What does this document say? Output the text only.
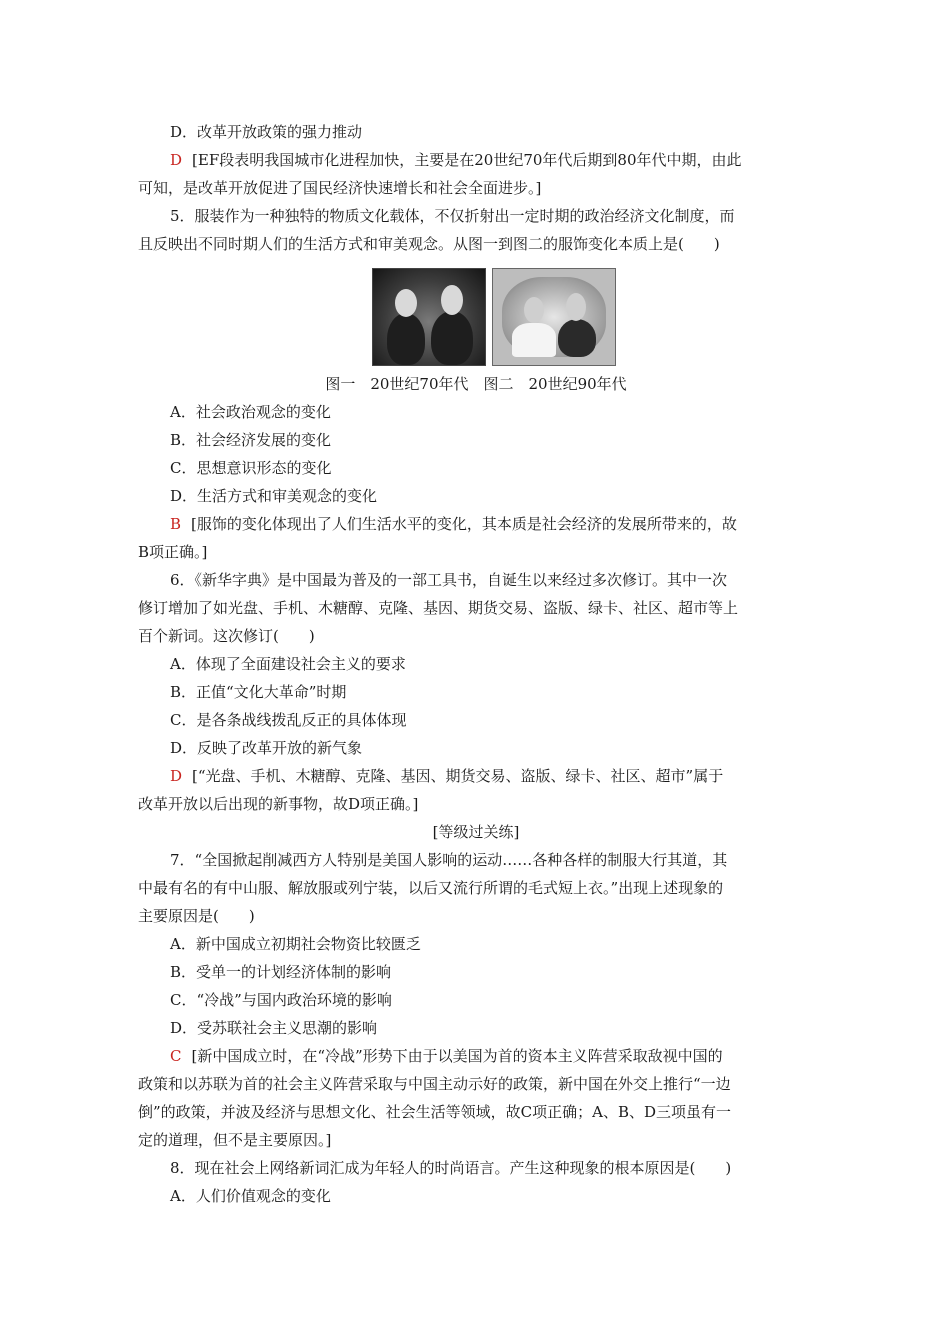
D．改革开放政策的强力推动
D [EF段表明我国城市化进程加快，主要是在20世纪70年代后期到80年代中期，由此
可知，是改革开放促进了国民经济快速增长和社会全面进步。]
5．服装作为一种独特的物质文化载体，不仅折射出一定时期的政治经济文化制度，而
且反映出不同时期人们的生活方式和审美观念。从图一到图二的服饰变化本质上是(　　)
图一　20世纪70年代　图二　20世纪90年代
A．社会政治观念的变化
B．社会经济发展的变化
C．思想意识形态的变化
D．生活方式和审美观念的变化
B [服饰的变化体现出了人们生活水平的变化，其本质是社会经济的发展所带来的，故
B项正确。]
6．《新华字典》是中国最为普及的一部工具书，自诞生以来经过多次修订。其中一次
修订增加了如光盘、手机、木糖醇、克隆、基因、期货交易、盗版、绿卡、社区、超市等上
百个新词。这次修订(　　)
A．体现了全面建设社会主义的要求
B．正值“文化大革命”时期
C．是各条战线拨乱反正的具体体现
D．反映了改革开放的新气象
D [“光盘、手机、木糖醇、克隆、基因、期货交易、盗版、绿卡、社区、超市”属于
改革开放以后出现的新事物，故D项正确。]
[等级过关练]
7．“全国掀起削减西方人特别是美国人影响的运动……各种各样的制服大行其道，其
中最有名的有中山服、解放服或列宁装，以后又流行所谓的毛式短上衣。”出现上述现象的
主要原因是(　　)
A．新中国成立初期社会物资比较匮乏
B．受单一的计划经济体制的影响
C．“冷战”与国内政治环境的影响
D．受苏联社会主义思潮的影响
C [新中国成立时，在“冷战”形势下由于以美国为首的资本主义阵营采取敌视中国的
政策和以苏联为首的社会主义阵营采取与中国主动示好的政策，新中国在外交上推行“一边
倒”的政策，并波及经济与思想文化、社会生活等领域，故C项正确；A、B、D三项虽有一
定的道理，但不是主要原因。]
8．现在社会上网络新词汇成为年轻人的时尚语言。产生这种现象的根本原因是(　　)
A．人们价值观念的变化
